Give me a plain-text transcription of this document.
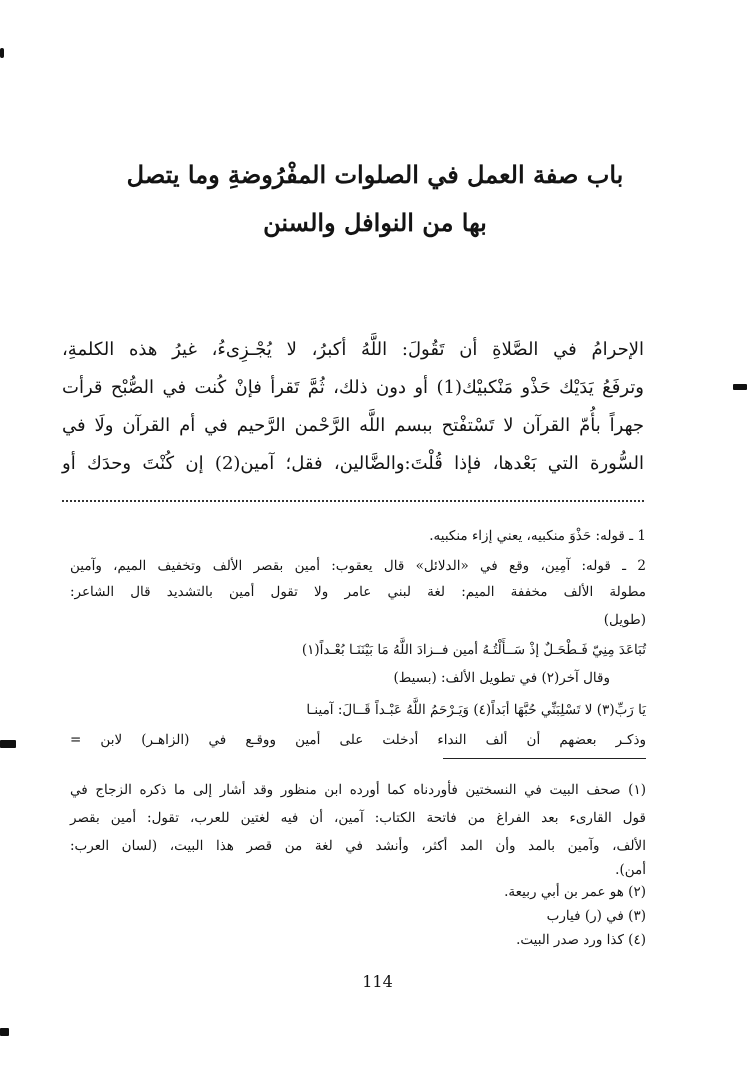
باب صفة العمل في الصلوات المفْرُوضةِ وما يتصل
بها من النوافل والسنن
الإحرامُ في الصَّلاةِ أن تَقُولَ: اللَّهُ أكبرُ، لا يُجْـزِىءُ، غيرُ هذه الكلمةِ،
وترفَعُ يَدَيْك حَذْو مَنْكبيْك(1) أو دون ذلك، ثُمَّ تَقرأ فإنْ كُنت في الصُّبْح قرأت
جهراً بأُمّ القرآن لا تَسْتفْتح ببسم اللَّه الرَّحْمن الرَّحيم في أم القرآن ولَا في
السُّورة التي بَعْدها، فإذا قُلْتَ:والضَّالين، فقل؛ آمين(2) إن كُنْتَ وحدَك أو
1 ـ قوله: حَذْوَ منكبيه، يعني إزاء منكبيه.
2 ـ قوله: آمِين، وقع في «الدلائل» قال يعقوب: أمين بقصر الألف وتخفيف الميم، وآمين
مطولة الألف مخففة الميم: لغة لبني عامر ولا تقول أمين بالتشديد قال الشاعر:
(طويل)
تُبَاعَدَ مِنِيّ فَـطْحَـلٌ إذْ سَــأَلْتُـهُ أمين فــزادَ اللَّهُ مَا بَيْنَنَـا بُعْـداً(١)
وقال آخر(٢) في تطويل الألف: (بسيط)
يَا رَبِّ(٣) لا تَسْلِبَنِّي حُبَّهَا أبَداً(٤) وَيَـرْحَمُ اللَّهُ عَبْـداً قَــالَ: آمينـا
وذكـر بعضهم أن ألف النداء أدخلت على أمين ووقـع في (الزاهـر) لابن =
(١) صحف البيت في النسختين فأوردناه كما أورده ابن منظور وقد أشار إلى ما ذكره الزجاج في
قول القارىء بعد الفراغ من فاتحة الكتاب: آمين، أن فيه لغتين للعرب، تقول: أمين بقصر
الألف، وآمين بالمد وأن المد أكثر، وأنشد في لغة من قصر هذا البيت، (لسان العرب:
أمن).
(٢) هو عمر بن أبي ربيعة.
(٣) في (ر) فيارب
(٤) كذا ورد صدر البيت.
114
